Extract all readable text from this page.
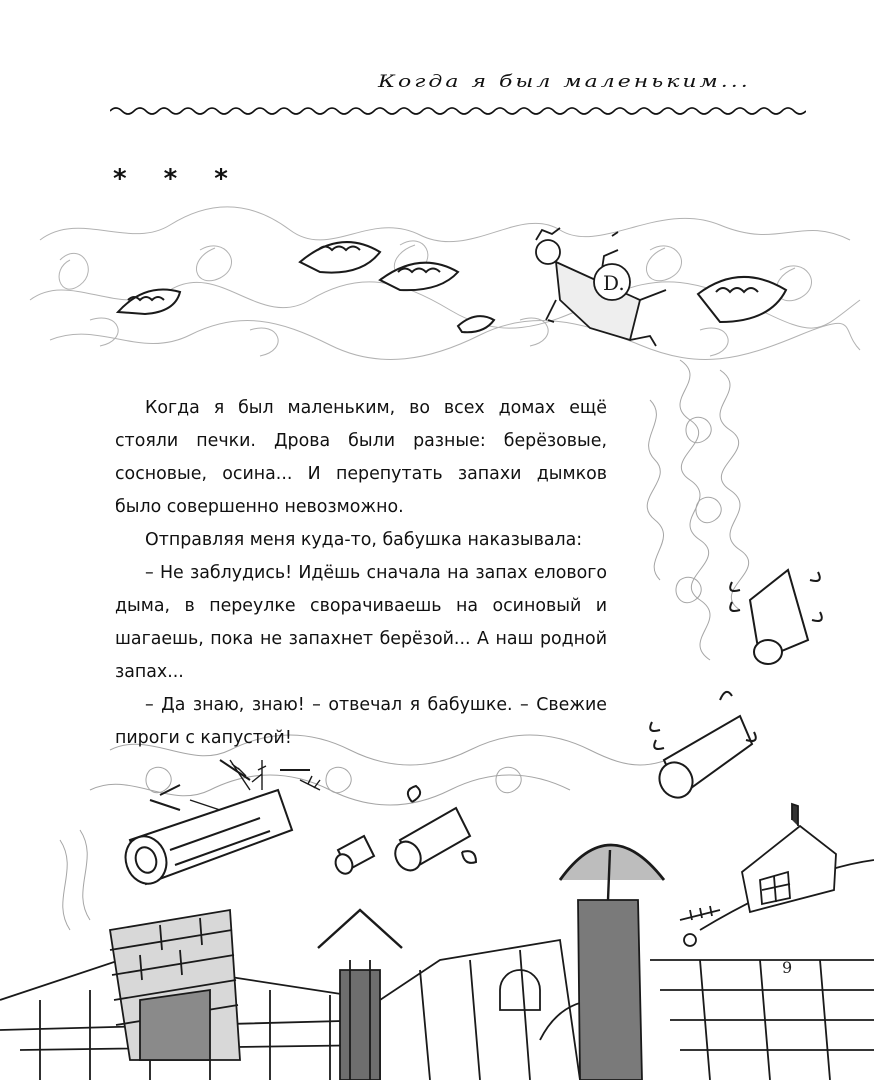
Когда я был маленьким...
* * *
D.

Когда я был маленьким, во всех домах ещё стояли печки. Дрова были разные: берёзовые, сосновые, осина... И перепутать запахи дымков было совершенно невозможно.

Отправляя меня куда-то, бабушка наказывала:

– Не заблудись! Идёшь сначала на запах елового дыма, в переулке сворачиваешь на осиновый и шагаешь, пока не запахнет берёзой... А наш родной запах...

– Да знаю, знаю! – отвечал я бабушке. – Свежие пироги с капустой!

9
